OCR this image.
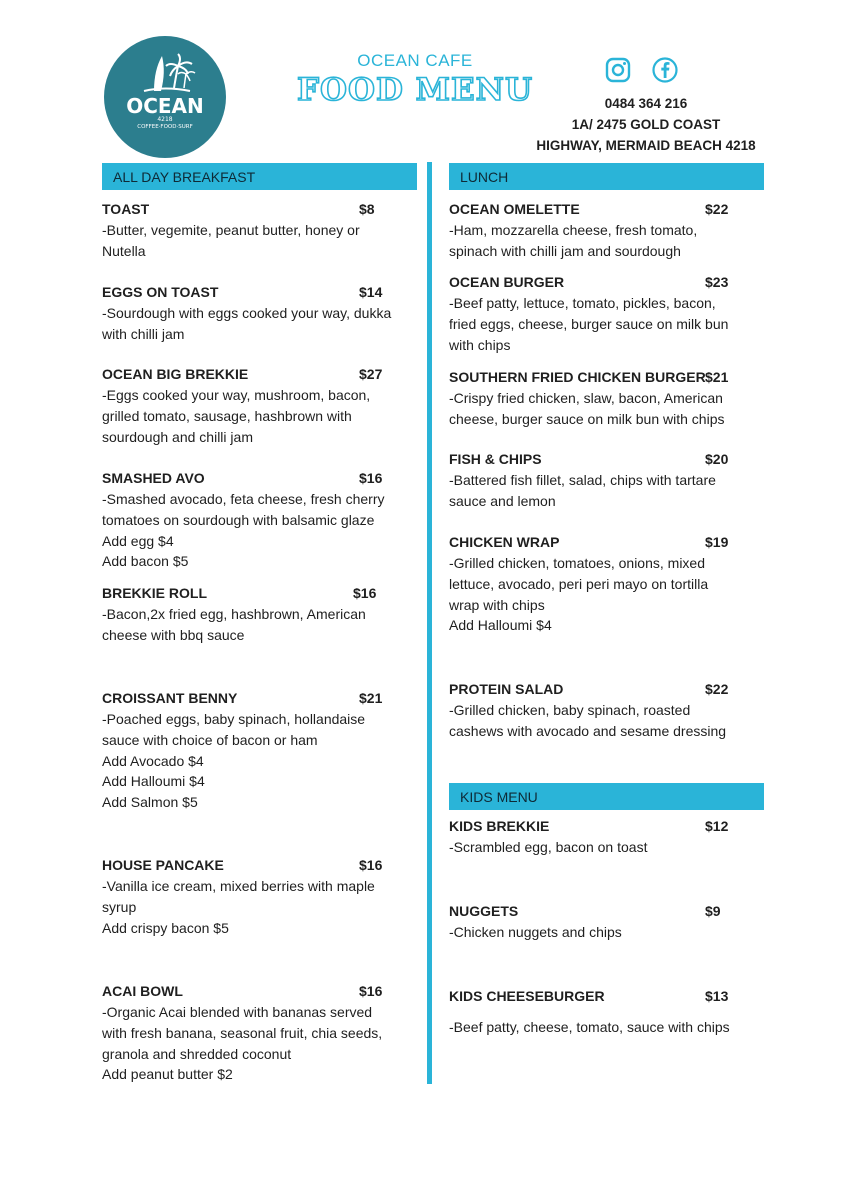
OCEAN
4218
COFFEE·FOOD·SURF
OCEAN CAFE
FOOD MENU	0484 364 216
1A/ 2475 GOLD COAST
HIGHWAY, MERMAID BEACH 4218
ALL DAY BREAKFAST	LUNCH
KIDS MENU
TOAST	$8
-Butter, vegemite, peanut butter, honey or
Nutella
EGGS ON TOAST	$14
-Sourdough with eggs cooked your way, dukka
with chilli jam
OCEAN BIG BREKKIE	$27
-Eggs cooked your way, mushroom, bacon,
grilled tomato, sausage, hashbrown with
sourdough and chilli jam
SMASHED AVO	$16
-Smashed avocado, feta cheese, fresh cherry
tomatoes on sourdough with balsamic glaze
Add egg $4
Add bacon $5
BREKKIE ROLL	$16
-Bacon,2x fried egg, hashbrown, American
cheese with bbq sauce
CROISSANT BENNY	$21
-Poached eggs, baby spinach, hollandaise
sauce with choice of bacon or ham
Add Avocado $4
Add Halloumi $4
Add Salmon $5
HOUSE PANCAKE	$16
-Vanilla ice cream, mixed berries with maple
syrup
Add crispy bacon $5
ACAI BOWL	$16
-Organic Acai blended with bananas served
with fresh banana, seasonal fruit, chia seeds,
granola and shredded coconut
Add peanut butter $2
OCEAN OMELETTE	$22
-Ham, mozzarella cheese, fresh tomato,
spinach with chilli jam and sourdough
OCEAN BURGER	$23
-Beef patty, lettuce, tomato, pickles, bacon,
fried eggs, cheese, burger sauce on milk bun
with chips
SOUTHERN FRIED CHICKEN BURGER $21
-Crispy fried chicken, slaw, bacon, American
cheese, burger sauce on milk bun with chips
FISH & CHIPS	$20
-Battered fish fillet, salad, chips with tartare
sauce and lemon
CHICKEN WRAP	$19
-Grilled chicken, tomatoes, onions, mixed
lettuce, avocado, peri peri mayo on tortilla
wrap with chips
Add Halloumi $4
PROTEIN SALAD	$22
-Grilled chicken, baby spinach, roasted
cashews with avocado and sesame dressing
KIDS BREKKIE	$12
-Scrambled egg, bacon on toast
NUGGETS	$9
-Chicken nuggets and chips
KIDS CHEESEBURGER	$13
-Beef patty, cheese, tomato, sauce with chips
